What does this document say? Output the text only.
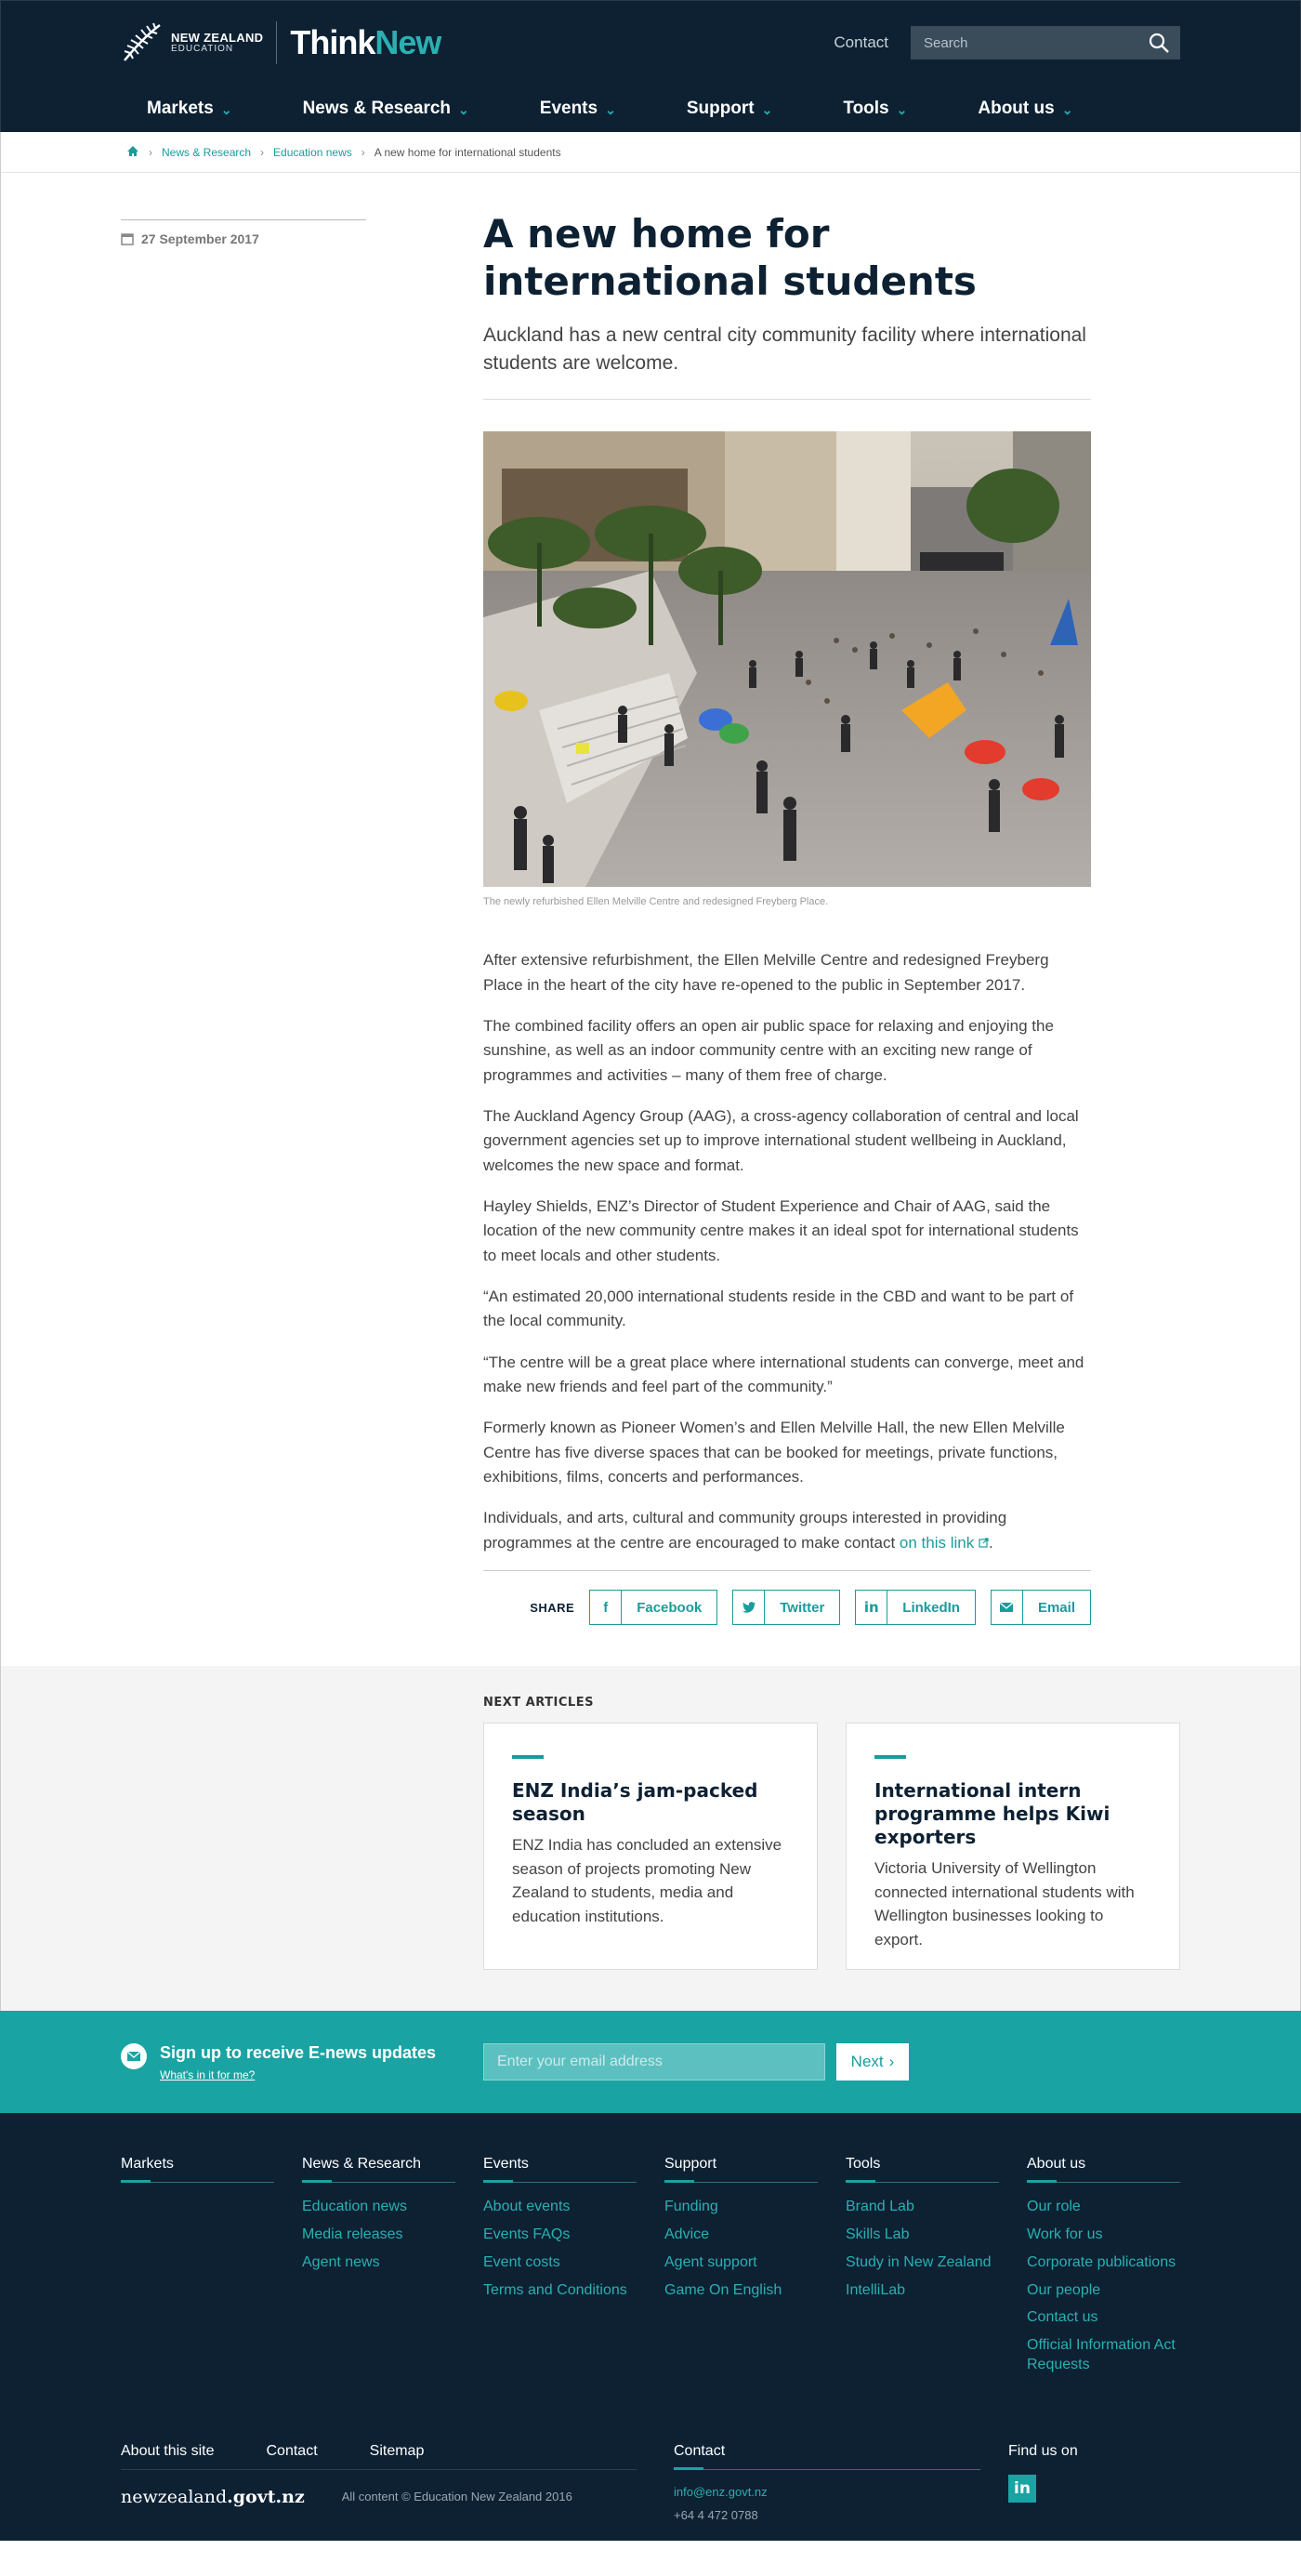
NEW ZEALAND
EDUCATION	ThinkNew	Contact
Search
Markets ⌄	News & Research ⌄	Events ⌄	Support ⌄	Tools ⌄	About us ⌄
› News & Research › Education news › A new home for international students
27 September 2017	A new home for international students

Auckland has a new central city community facility where international students are welcome.

The newly refurbished Ellen Melville Centre and redesigned Freyberg Place.

After extensive refurbishment, the Ellen Melville Centre and redesigned Freyberg Place in the heart of the city have re-opened to the public in September 2017.

The combined facility offers an open air public space for relaxing and enjoying the sunshine, as well as an indoor community centre with an exciting new range of programmes and activities – many of them free of charge.

The Auckland Agency Group (AAG), a cross-agency collaboration of central and local government agencies set up to improve international student wellbeing in Auckland, welcomes the new space and format.

Hayley Shields, ENZ’s Director of Student Experience and Chair of AAG, said the location of the new community centre makes it an ideal spot for international students to meet locals and other students.

“An estimated 20,000 international students reside in the CBD and want to be part of the local community.

“The centre will be a great place where international students can converge, meet and make new friends and feel part of the community.”

Formerly known as Pioneer Women’s and Ellen Melville Hall, the new Ellen Melville Centre has five diverse spaces that can be booked for meetings, private functions, exhibitions, films, concerts and performances.

Individuals, and arts, cultural and community groups interested in providing programmes at the centre are encouraged to make contact on this link .

SHARE	f	Facebook	Twitter	in	LinkedIn	Email
NEXT ARTICLES
ENZ India’s jam-packed season

ENZ India has concluded an extensive season of projects promoting New Zealand to students, media and education institutions.

International intern programme helps Kiwi exporters

Victoria University of Wellington connected international students with Wellington businesses looking to export.

Sign up to receive E-news updates
What's in it for me?
Enter your email address
Next ›
Markets	News & Research
Education news
Media releases
Agent news
Events
About events
Events FAQs
Event costs
Terms and Conditions
Support
Funding
Advice
Agent support
Game On English
Tools
Brand Lab
Skills Lab
Study in New Zealand
IntelliLab
About us
Our role
Work for us
Corporate publications
Our people
Contact us
Official Information Act Requests
About this site	Contact	Sitemap
newzealand.govt.nz	All content © Education New Zealand 2016
Contact
info@enz.govt.nz
+64 4 472 0788
Find us on
in
